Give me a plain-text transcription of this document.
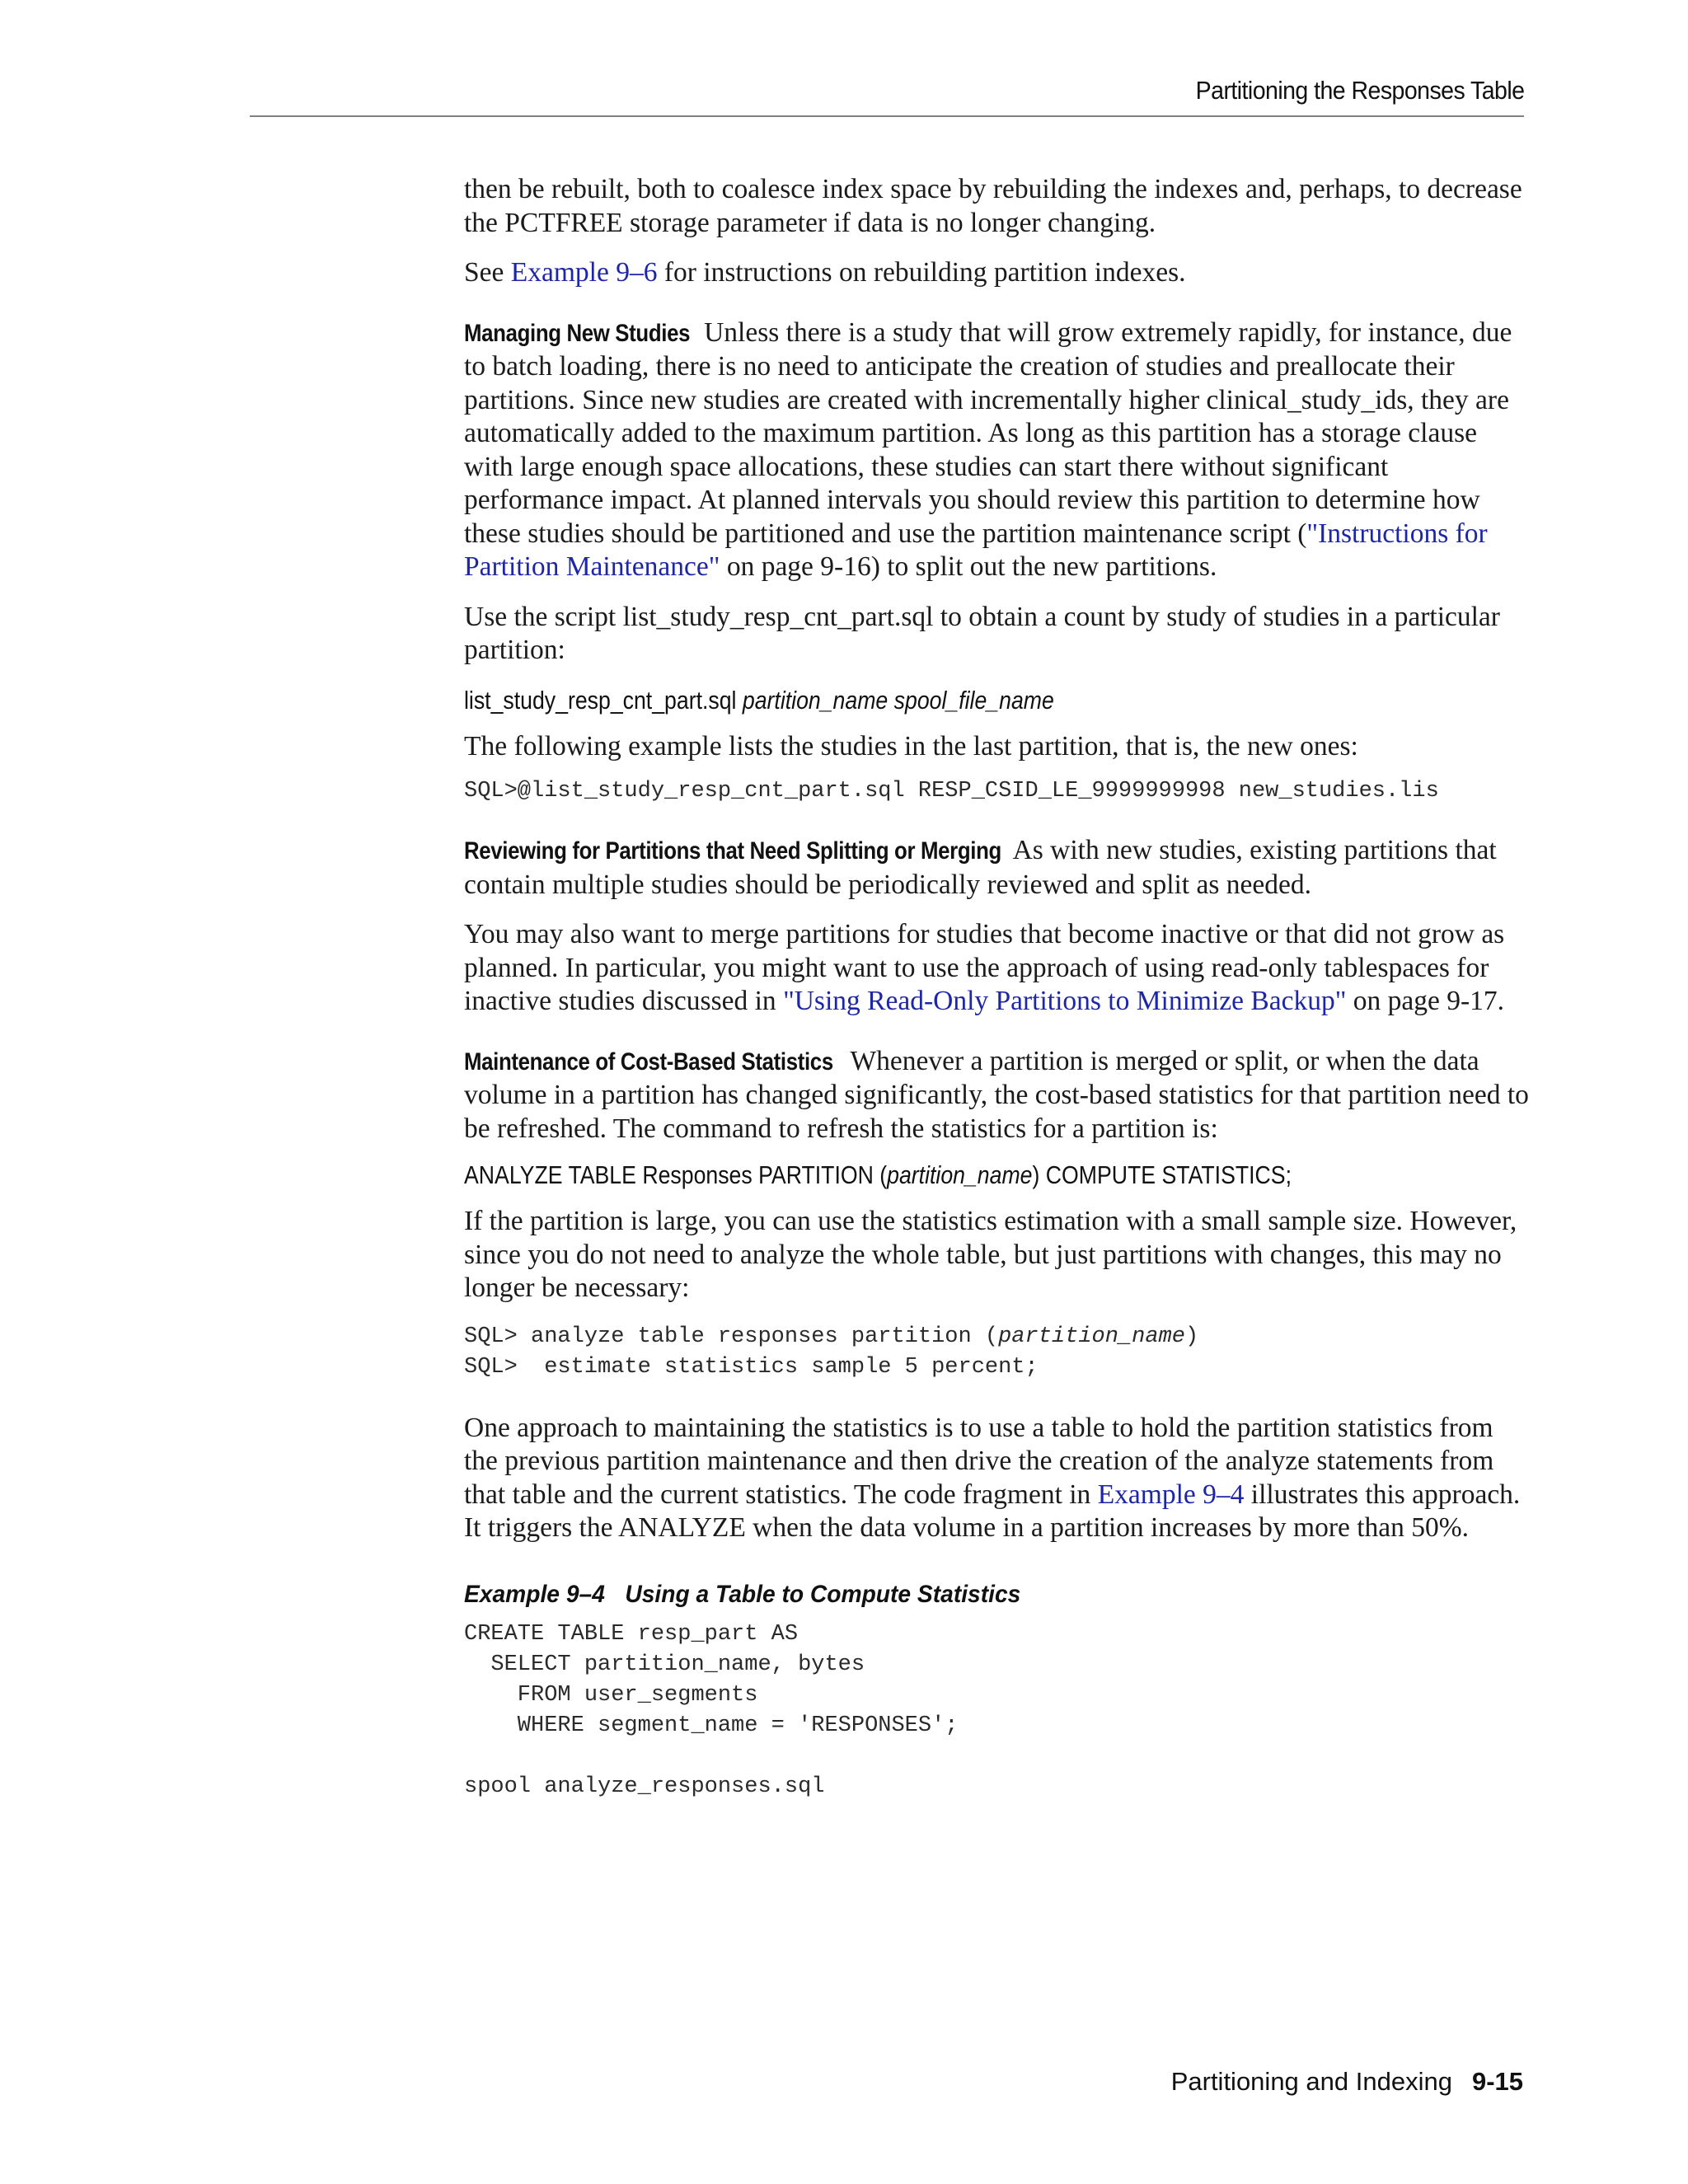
Partitioning the Responses Table

then be rebuilt, both to coalesce index space by rebuilding the indexes and, perhaps, to decrease the PCTFREE storage parameter if data is no longer changing.

See Example 9–6 for instructions on rebuilding partition indexes.

Managing New Studies Unless there is a study that will grow extremely rapidly, for instance, due to batch loading, there is no need to anticipate the creation of studies and preallocate their partitions. Since new studies are created with incrementally higher clinical_study_ids, they are automatically added to the maximum partition. As long as this partition has a storage clause with large enough space allocations, these studies can start there without significant performance impact. At planned intervals you should review this partition to determine how these studies should be partitioned and use the partition maintenance script ("Instructions for Partition Maintenance" on page 9-16) to split out the new partitions.

Use the script list_study_resp_cnt_part.sql to obtain a count by study of studies in a particular partition:

list_study_resp_cnt_part.sql partition_name spool_file_name

The following example lists the studies in the last partition, that is, the new ones:

SQL>@list_study_resp_cnt_part.sql RESP_CSID_LE_9999999998 new_studies.lis

Reviewing for Partitions that Need Splitting or Merging As with new studies, existing partitions that contain multiple studies should be periodically reviewed and split as needed.

You may also want to merge partitions for studies that become inactive or that did not grow as planned. In particular, you might want to use the approach of using read-only tablespaces for inactive studies discussed in "Using Read-Only Partitions to Minimize Backup" on page 9-17.

Maintenance of Cost-Based Statistics Whenever a partition is merged or split, or when the data volume in a partition has changed significantly, the cost-based statistics for that partition need to be refreshed. The command to refresh the statistics for a partition is:

ANALYZE TABLE Responses PARTITION (partition_name) COMPUTE STATISTICS;

If the partition is large, you can use the statistics estimation with a small sample size. However, since you do not need to analyze the whole table, but just partitions with changes, this may no longer be necessary:

SQL> analyze table responses partition (partition_name)
SQL>  estimate statistics sample 5 percent;

One approach to maintaining the statistics is to use a table to hold the partition statistics from the previous partition maintenance and then drive the creation of the analyze statements from that table and the current statistics. The code fragment in Example 9–4 illustrates this approach. It triggers the ANALYZE when the data volume in a partition increases by more than 50%.

Example 9–4 Using a Table to Compute Statistics

CREATE TABLE resp_part AS
SELECT partition_name, bytes
FROM user_segments
WHERE segment_name = 'RESPONSES';

spool analyze_responses.sql
Partitioning and Indexing 9-15
